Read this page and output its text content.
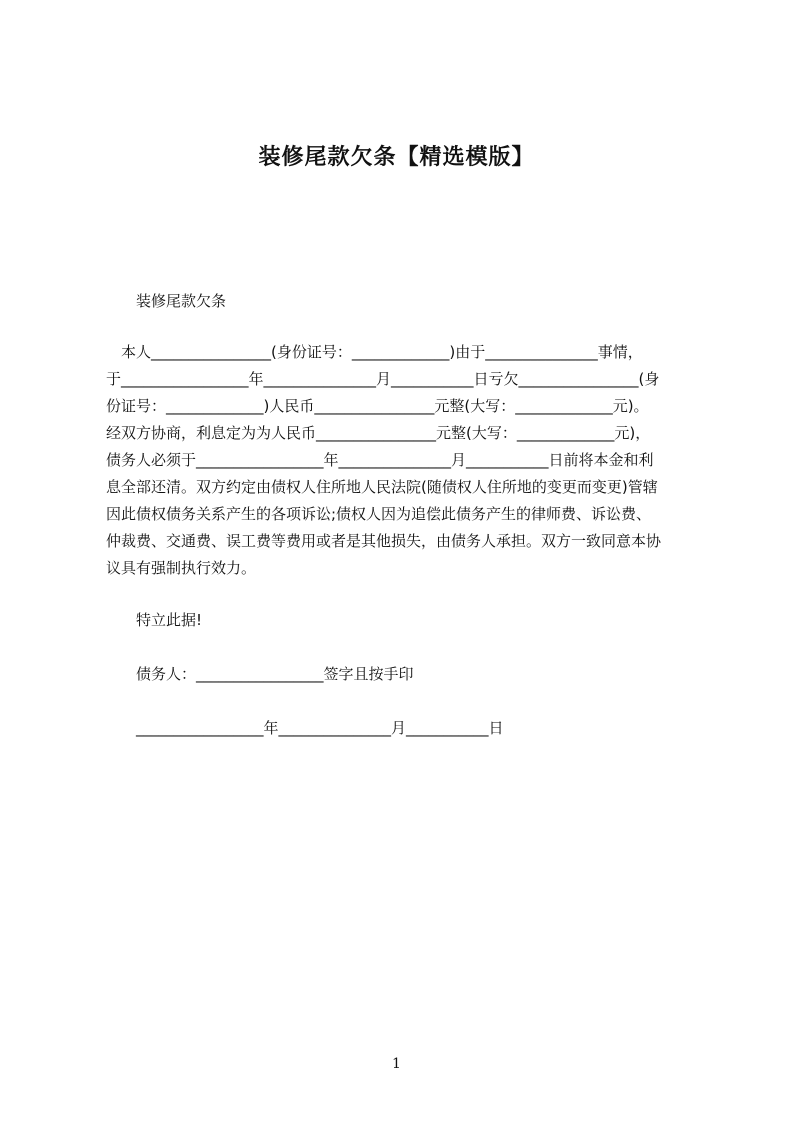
装修尾款欠条【精选模版】
装修尾款欠条
　本人________________(身份证号：_____________)由于_______________事情，
于_________________年_______________月___________日亏欠________________(身
份证号：_____________)人民币________________元整(大写：_____________元)。
经双方协商，利息定为为人民币________________元整(大写：_____________元)，
债务人必须于_________________年_______________月___________日前将本金和利
息全部还清。双方约定由债权人住所地人民法院(随债权人住所地的变更而变更)管辖
因此债权债务关系产生的各项诉讼;债权人因为追偿此债务产生的律师费、诉讼费、
仲裁费、交通费、误工费等费用或者是其他损失，由债务人承担。双方一致同意本协
议具有强制执行效力。
特立此据!
债务人：_________________签字且按手印
_________________年_______________月___________日
1
